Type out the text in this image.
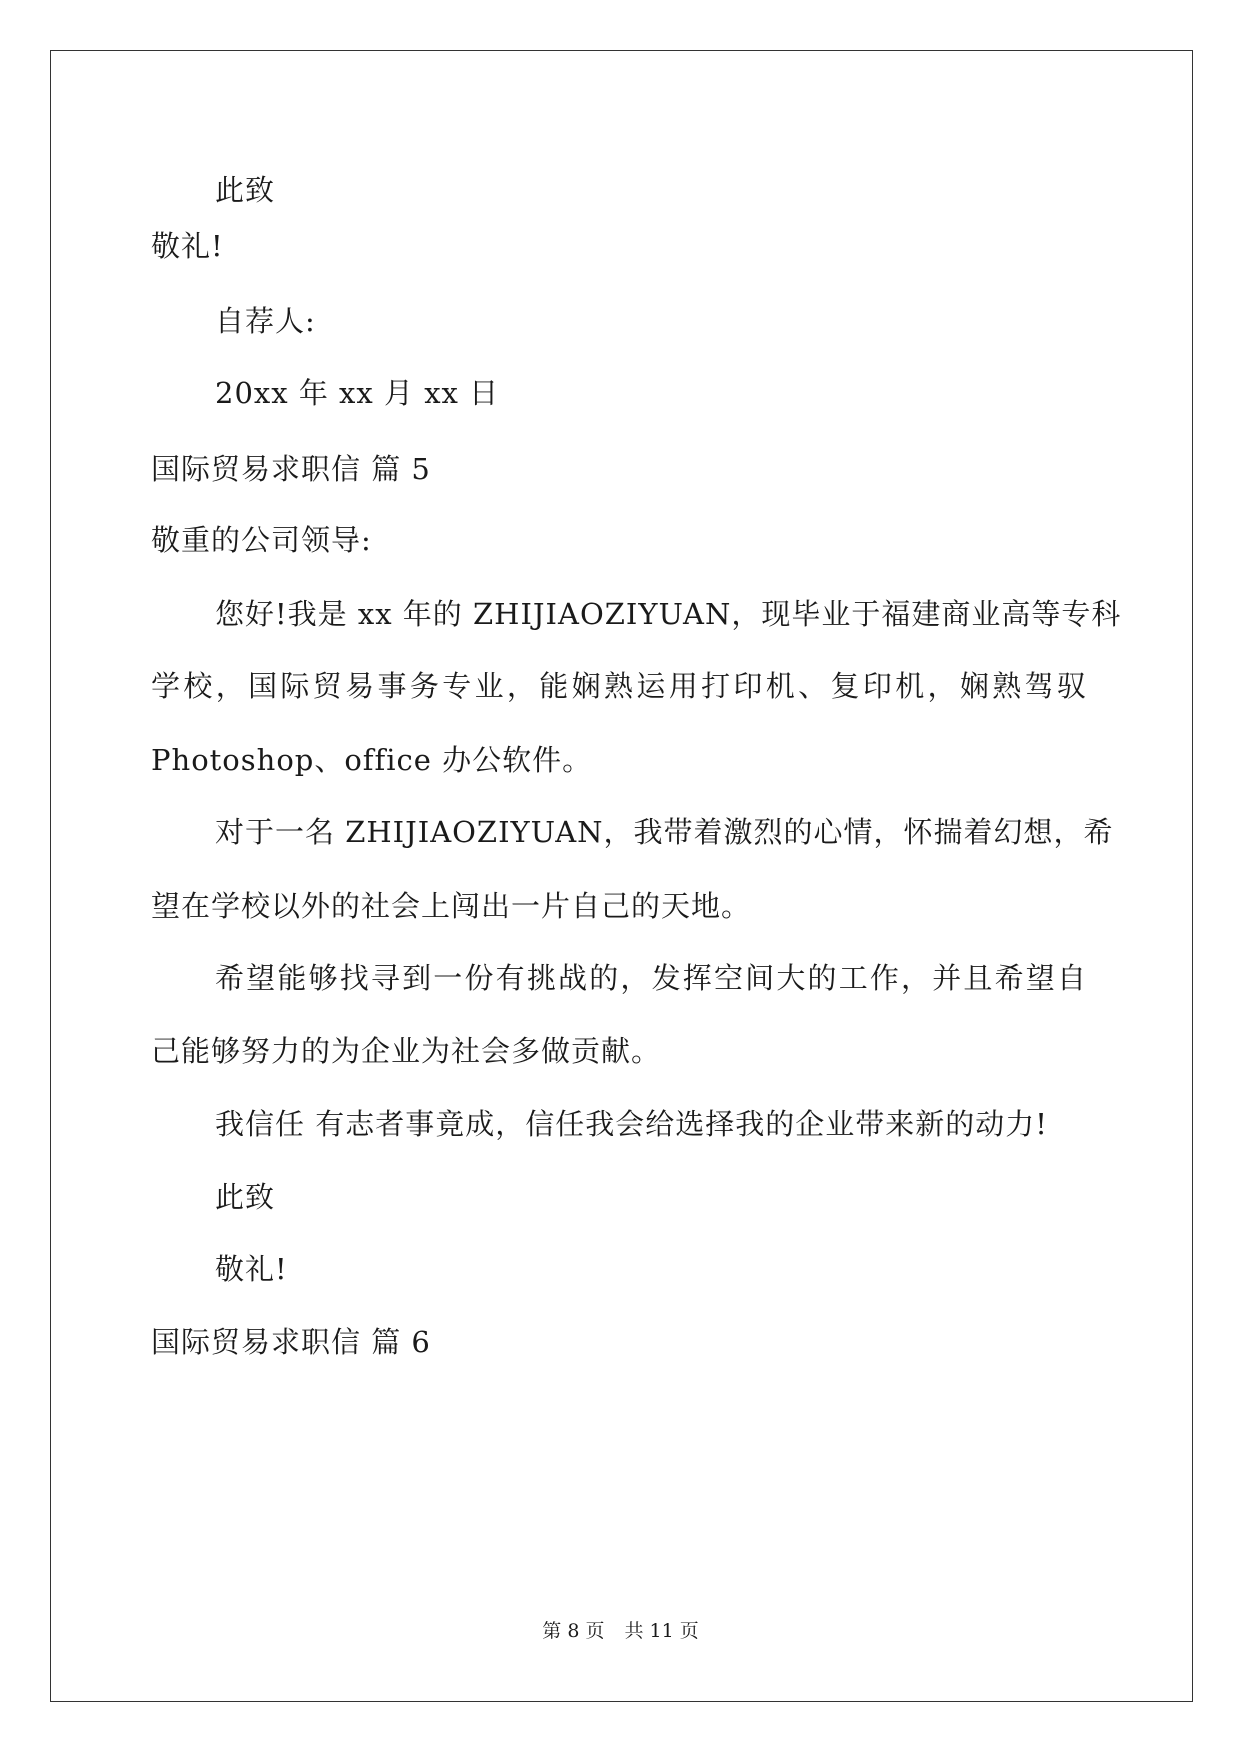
此致
敬礼!
自荐人:
20xx 年 xx 月 xx 日
国际贸易求职信 篇 5
敬重的公司领导:
您好!我是 xx 年的 ZHIJIAOZIYUAN，现毕业于福建商业高等专科
学校，国际贸易事务专业，能娴熟运用打印机、复印机，娴熟驾驭
Photoshop、office 办公软件。
对于一名 ZHIJIAOZIYUAN，我带着激烈的心情，怀揣着幻想，希
望在学校以外的社会上闯出一片自己的天地。
希望能够找寻到一份有挑战的，发挥空间大的工作，并且希望自
己能够努力的为企业为社会多做贡献。
我信任 有志者事竟成，信任我会给选择我的企业带来新的动力!
此致
敬礼!
国际贸易求职信 篇 6
第 8 页 共 11 页
